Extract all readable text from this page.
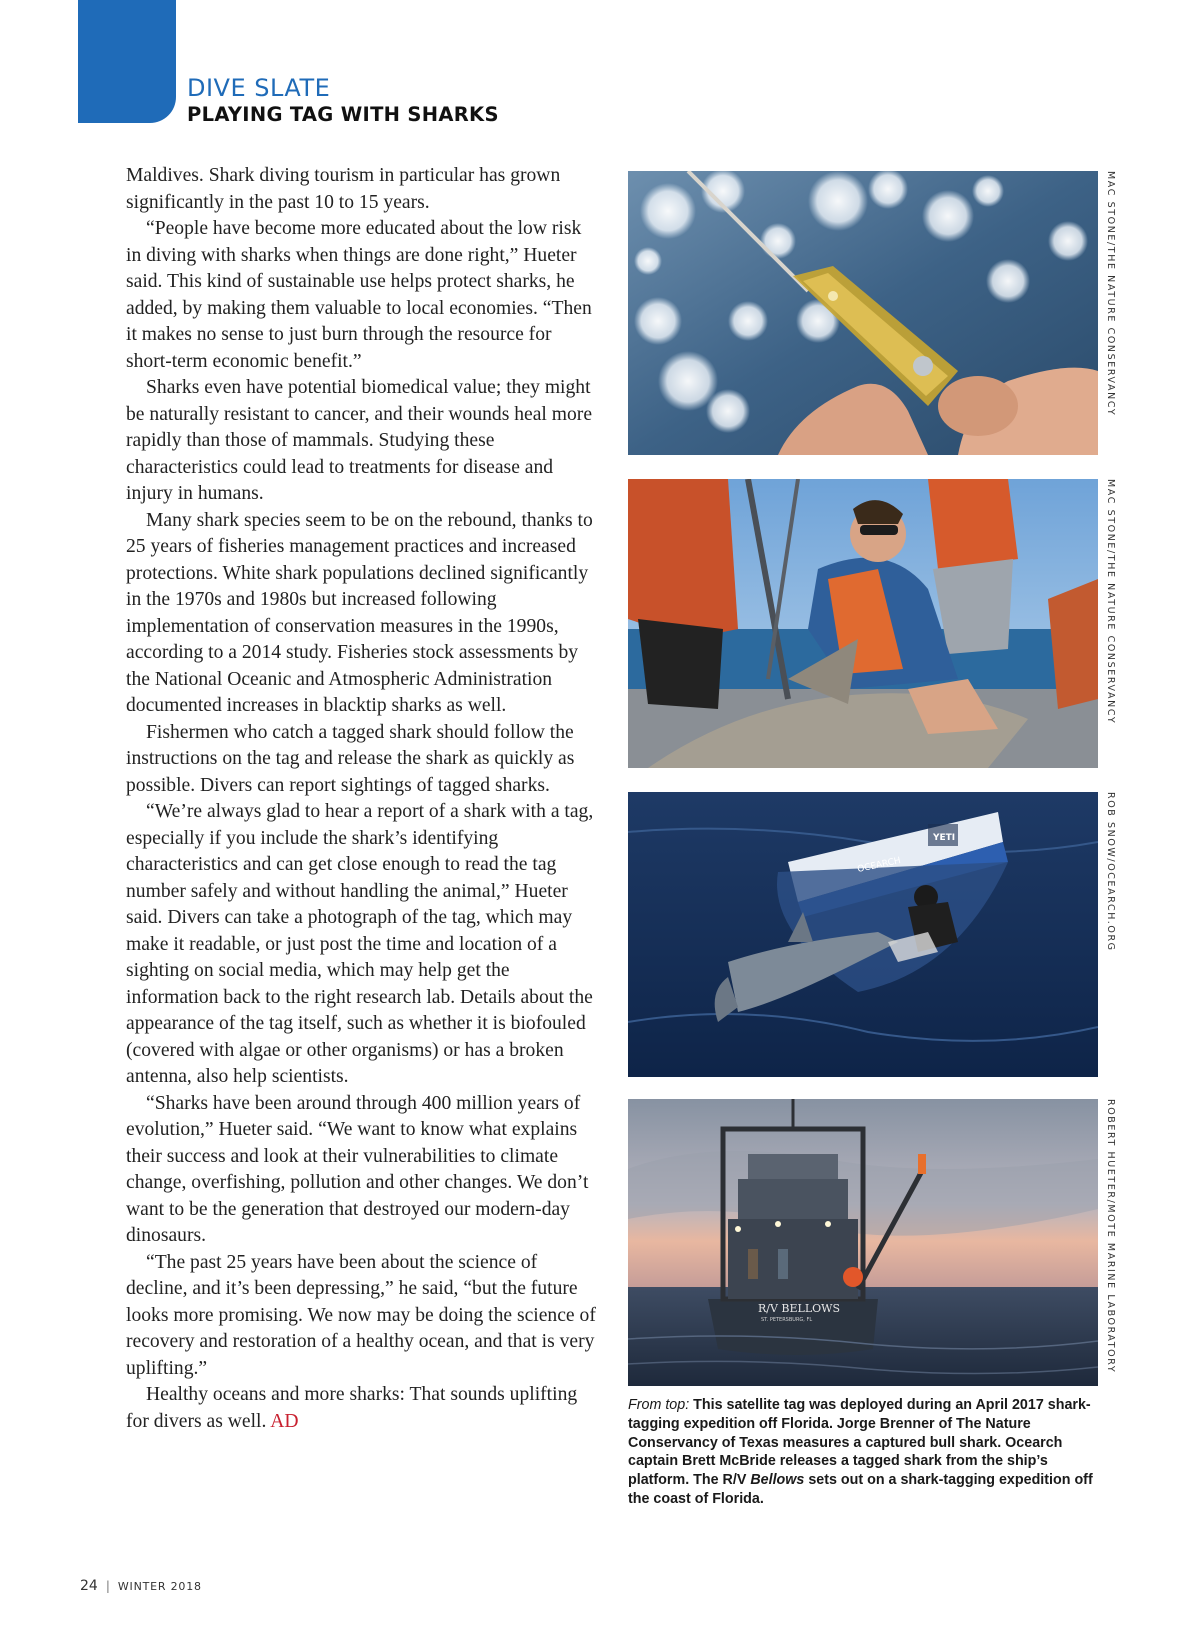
DIVE SLATE
PLAYING TAG WITH SHARKS

Maldives. Shark diving tourism in particular has grown significantly in the past 10 to 15 years.

“People have become more educated about the low risk in diving with sharks when things are done right,” Hueter said. This kind of sustainable use helps protect sharks, he added, by making them valuable to local economies. “Then it makes no sense to just burn through the resource for short-term economic benefit.”

Sharks even have potential biomedical value; they might be naturally resistant to cancer, and their wounds heal more rapidly than those of mammals. Studying these characteristics could lead to treatments for disease and injury in humans.

Many shark species seem to be on the rebound, thanks to 25 years of fisheries management practices and increased protections. White shark populations declined significantly in the 1970s and 1980s but increased following implementation of conservation measures in the 1990s, according to a 2014 study. Fisheries stock assessments by the National Oceanic and Atmospheric Administration documented increases in blacktip sharks as well.

Fishermen who catch a tagged shark should follow the instructions on the tag and release the shark as quickly as possible. Divers can report sightings of tagged sharks.

“We’re always glad to hear a report of a shark with a tag, especially if you include the shark’s identifying characteristics and can get close enough to read the tag number safely and without handling the animal,” Hueter said. Divers can take a photograph of the tag, which may make it readable, or just post the time and location of a sighting on social media, which may help get the information back to the right research lab. Details about the appearance of the tag itself, such as whether it is biofouled (covered with algae or other organisms) or has a broken antenna, also help scientists.

“Sharks have been around through 400 million years of evolution,” Hueter said. “We want to know what explains their success and look at their vulnerabilities to climate change, overfishing, pollution and other changes. We don’t want to be the generation that destroyed our modern-day dinosaurs.

“The past 25 years have been about the science of decline, and it’s been depressing,” he said, “but the future looks more promising. We now may be doing the science of recovery and restoration of a healthy ocean, and that is very uplifting.”

Healthy oceans and more sharks: That sounds uplifting for divers as well. AD

MAC STONE/THE NATURE CONSERVANCY
MAC STONE/THE NATURE CONSERVANCY
YETI
OCEARCH	ROB SNOW/OCEARCH.ORG
R/V BELLOWS
ST. PETERSBURG, FL	ROBERT HUETER/MOTE MARINE LABORATORY
From top: This satellite tag was deployed during an April 2017 shark-tagging expedition off Florida. Jorge Brenner of The Nature Conservancy of Texas measures a captured bull shark. Ocearch captain Brett McBride releases a tagged shark from the ship’s platform. The R/V Bellows sets out on a shark-tagging expedition off the coast of Florida.
24 | WINTER 2018
